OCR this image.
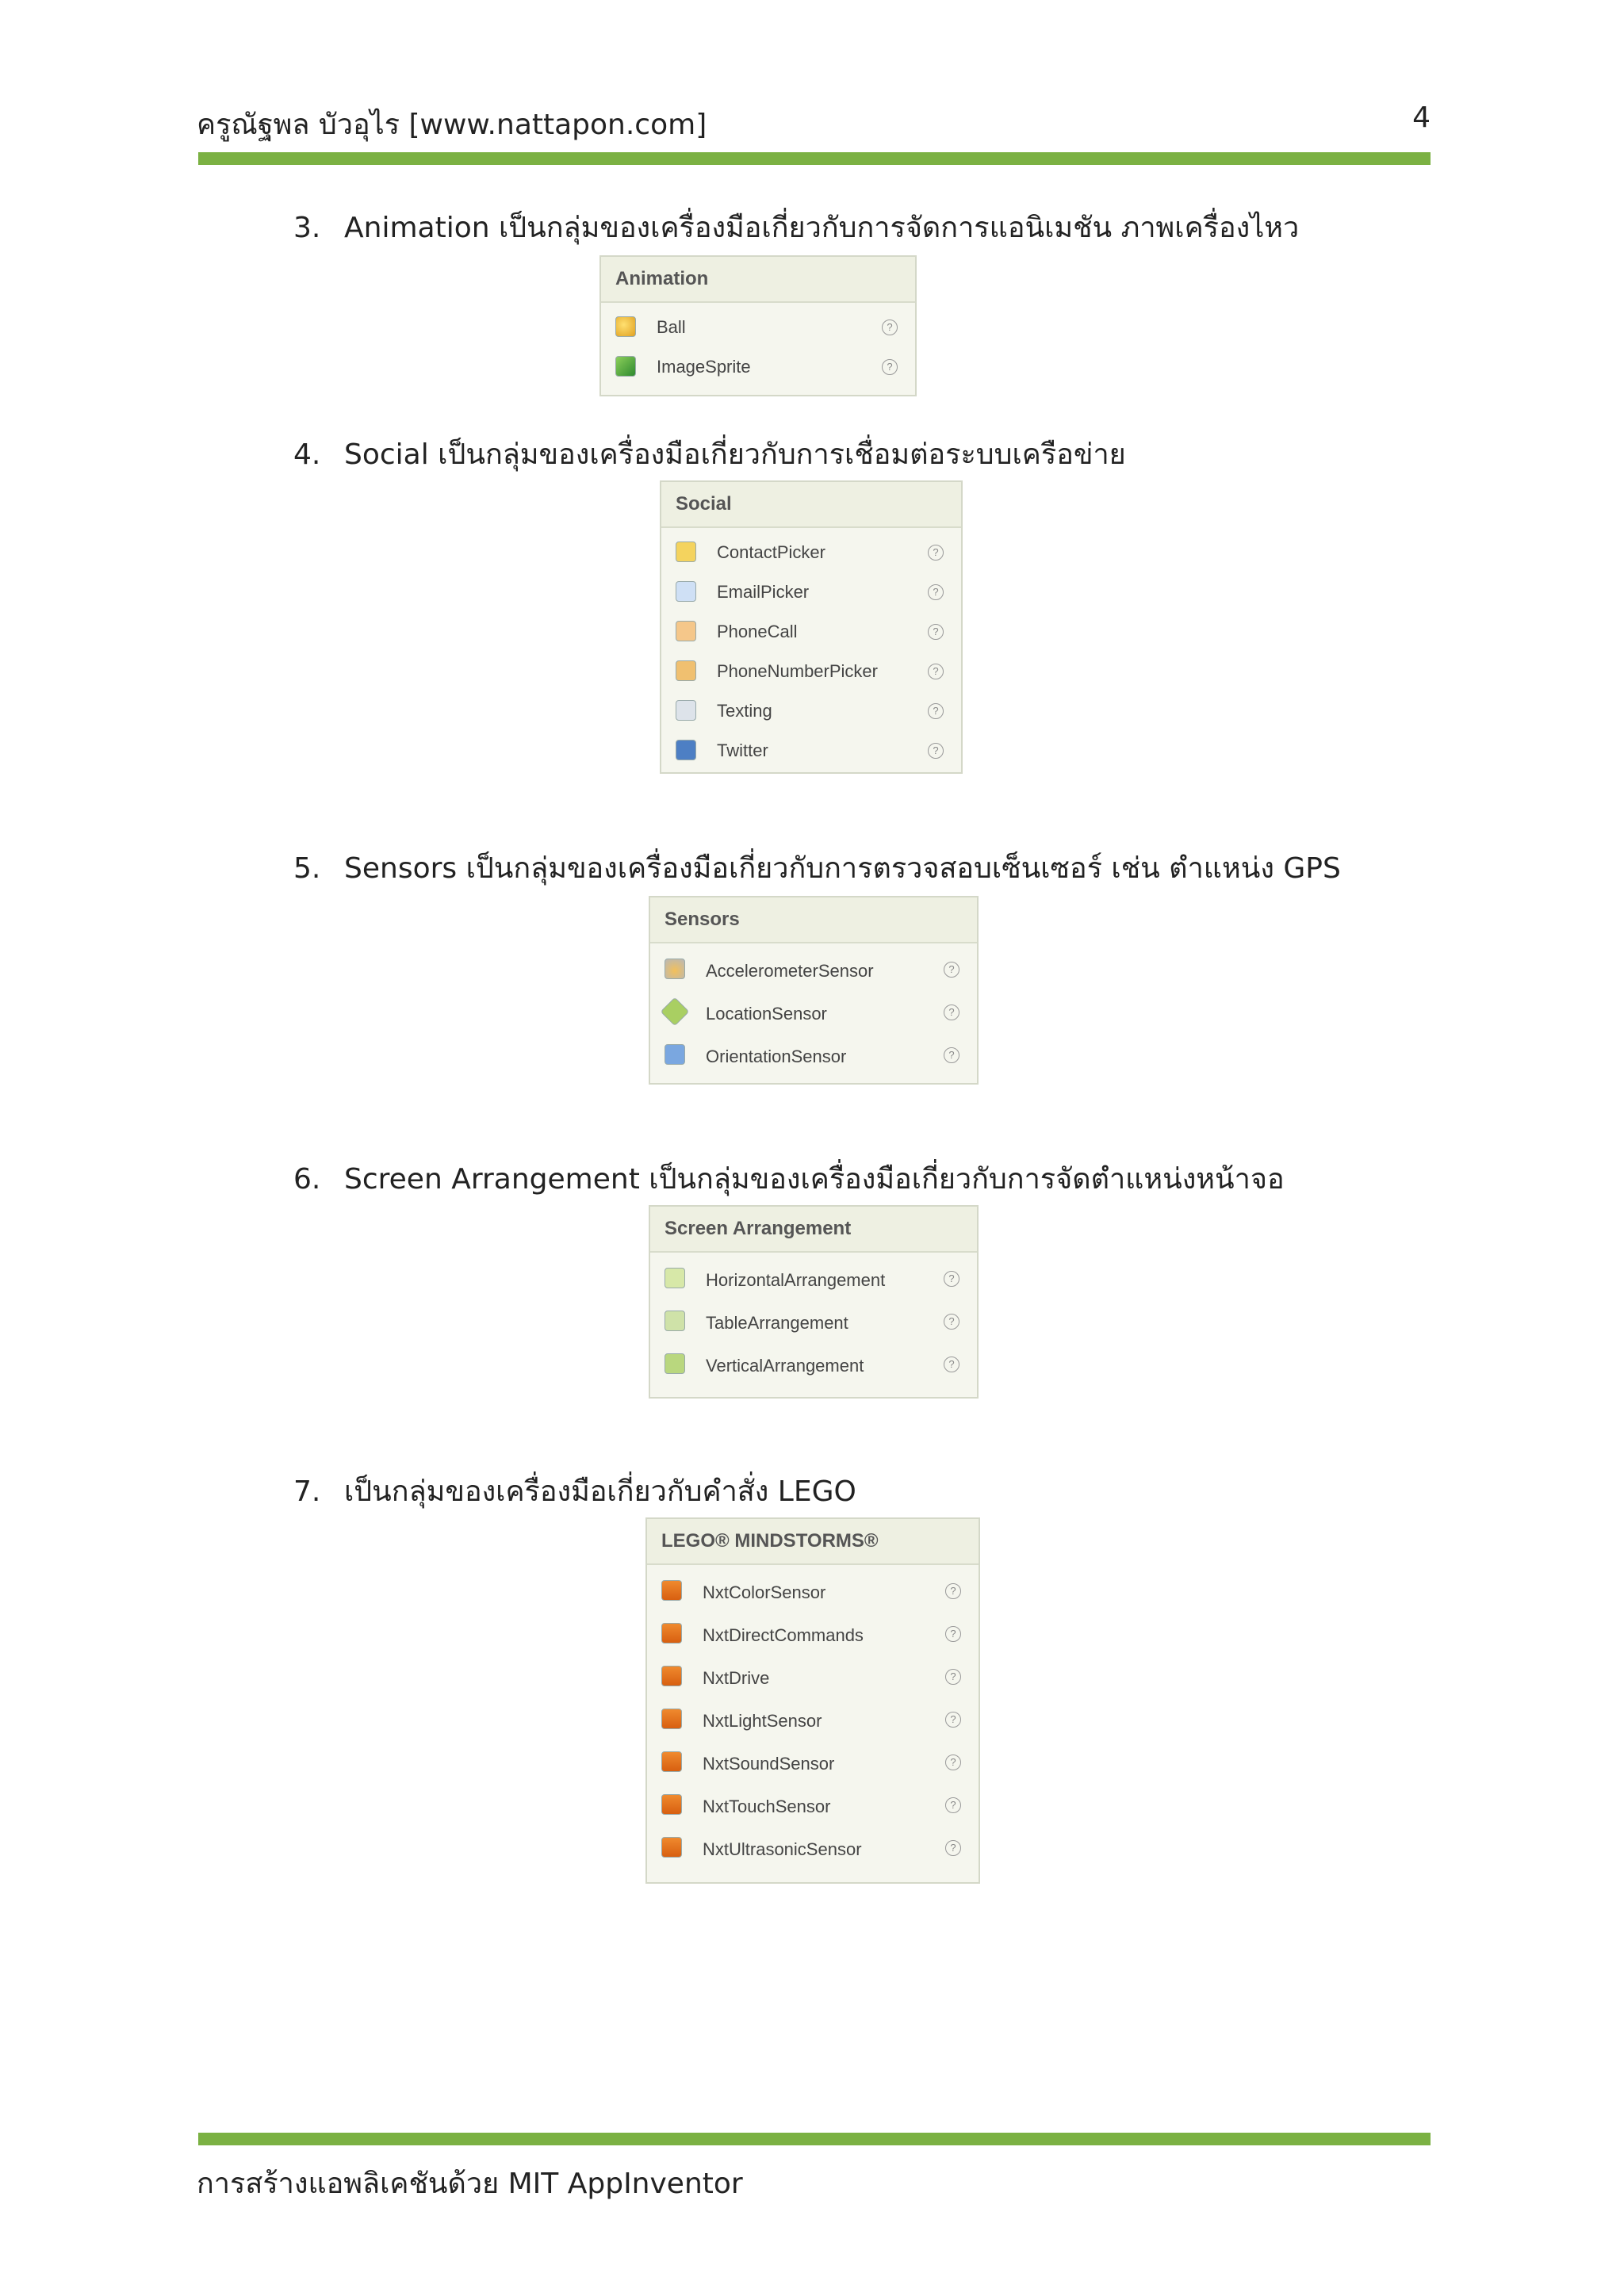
ครูณัฐพล บัวอุไร [www.nattapon.com]	4
3. Animation เป็นกลุ่มของเครื่องมือเกี่ยวกับการจัดการแอนิเมชัน ภาพเครื่องไหว
Animation
Ball	?
ImageSprite	?
4. Social เป็นกลุ่มของเครื่องมือเกี่ยวกับการเชื่อมต่อระบบเครือข่าย
Social
ContactPicker	?
EmailPicker	?
PhoneCall	?
PhoneNumberPicker	?
Texting	?
Twitter	?
5. Sensors เป็นกลุ่มของเครื่องมือเกี่ยวกับการตรวจสอบเซ็นเซอร์ เช่น ตำแหน่ง GPS
Sensors
AccelerometerSensor	?
LocationSensor	?
OrientationSensor	?
6. Screen Arrangement เป็นกลุ่มของเครื่องมือเกี่ยวกับการจัดตำแหน่งหน้าจอ
Screen Arrangement
HorizontalArrangement	?
TableArrangement	?
VerticalArrangement	?
7. เป็นกลุ่มของเครื่องมือเกี่ยวกับคำสั่ง LEGO
LEGO® MINDSTORMS®
NxtColorSensor	?
NxtDirectCommands	?
NxtDrive	?
NxtLightSensor	?
NxtSoundSensor	?
NxtTouchSensor	?
NxtUltrasonicSensor	?
การสร้างแอพลิเคชันด้วย MIT AppInventor
